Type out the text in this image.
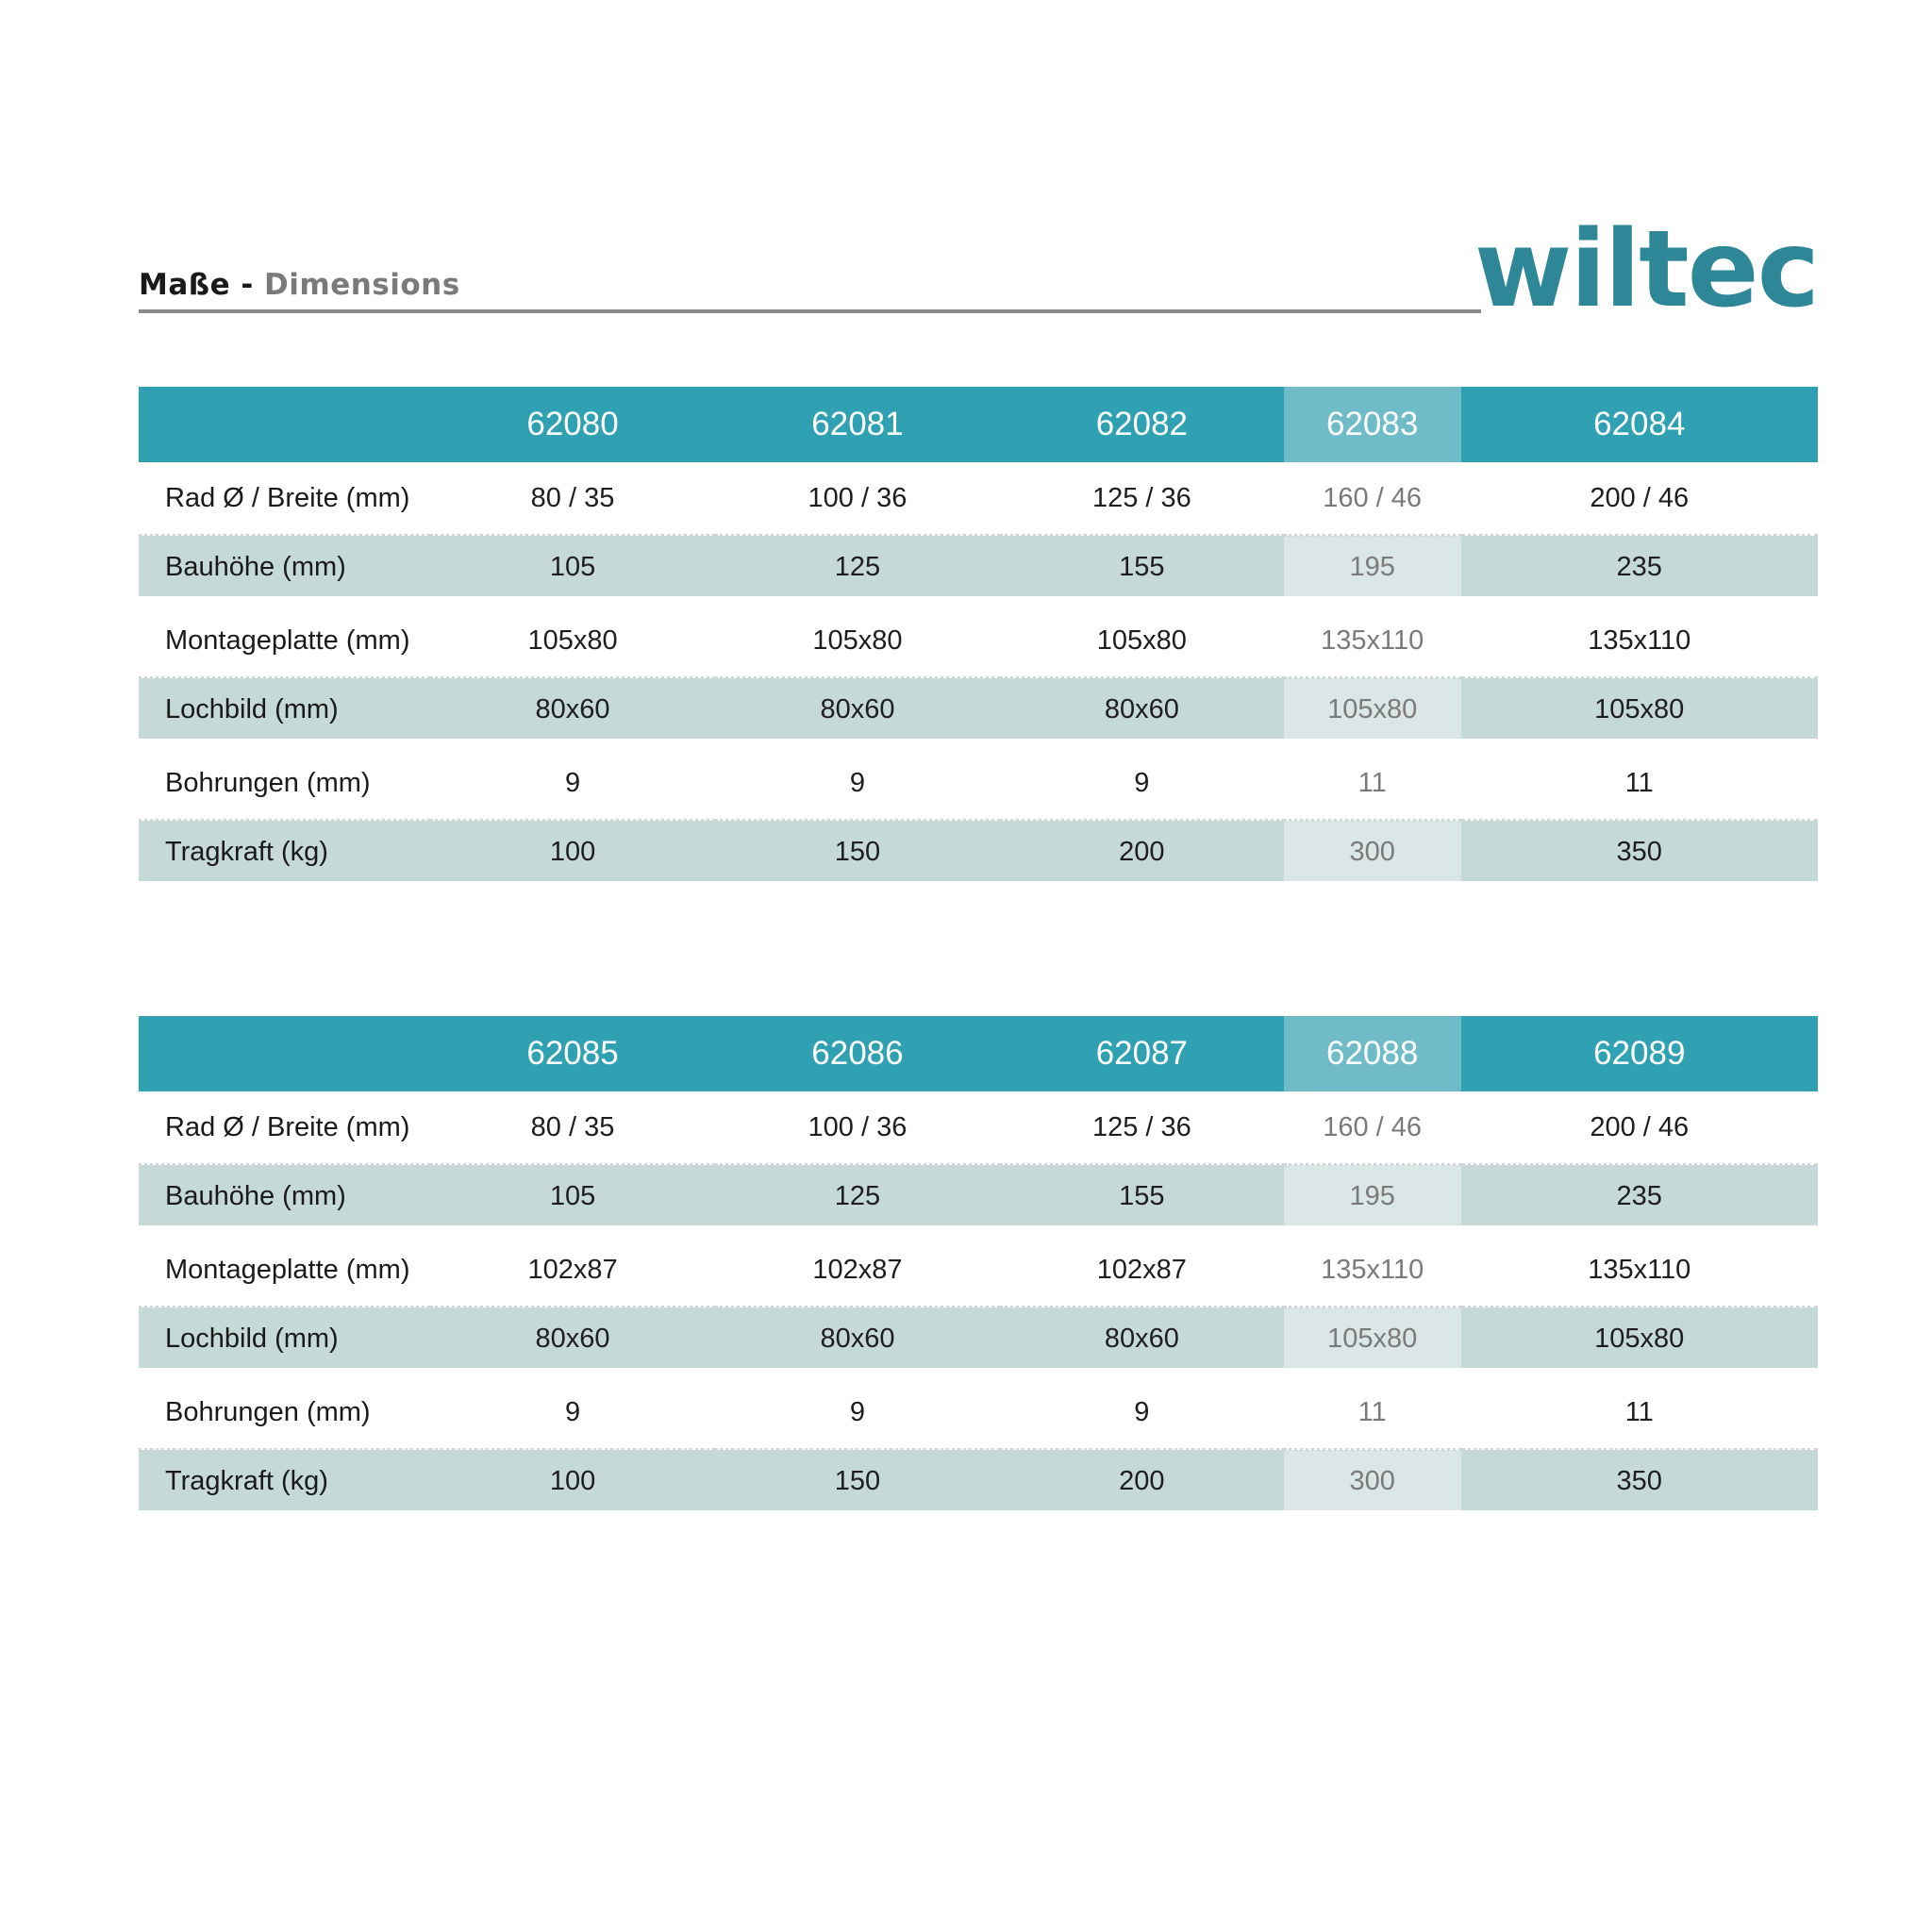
Maße - Dimensions	wiltec
	62080	62081	62082	62083	62084
Rad Ø / Breite (mm)	80 / 35	100 / 36	125 / 36	160 / 46	200 / 46
Bauhöhe (mm)	105	125	155	195	235
Montageplatte (mm)	105x80	105x80	105x80	135x110	135x110
Lochbild (mm)	80x60	80x60	80x60	105x80	105x80
Bohrungen (mm)	9	9	9	11	11
Tragkraft (kg)	100	150	200	300	350
	62085	62086	62087	62088	62089
Rad Ø / Breite (mm)	80 / 35	100 / 36	125 / 36	160 / 46	200 / 46
Bauhöhe (mm)	105	125	155	195	235
Montageplatte (mm)	102x87	102x87	102x87	135x110	135x110
Lochbild (mm)	80x60	80x60	80x60	105x80	105x80
Bohrungen (mm)	9	9	9	11	11
Tragkraft (kg)	100	150	200	300	350
